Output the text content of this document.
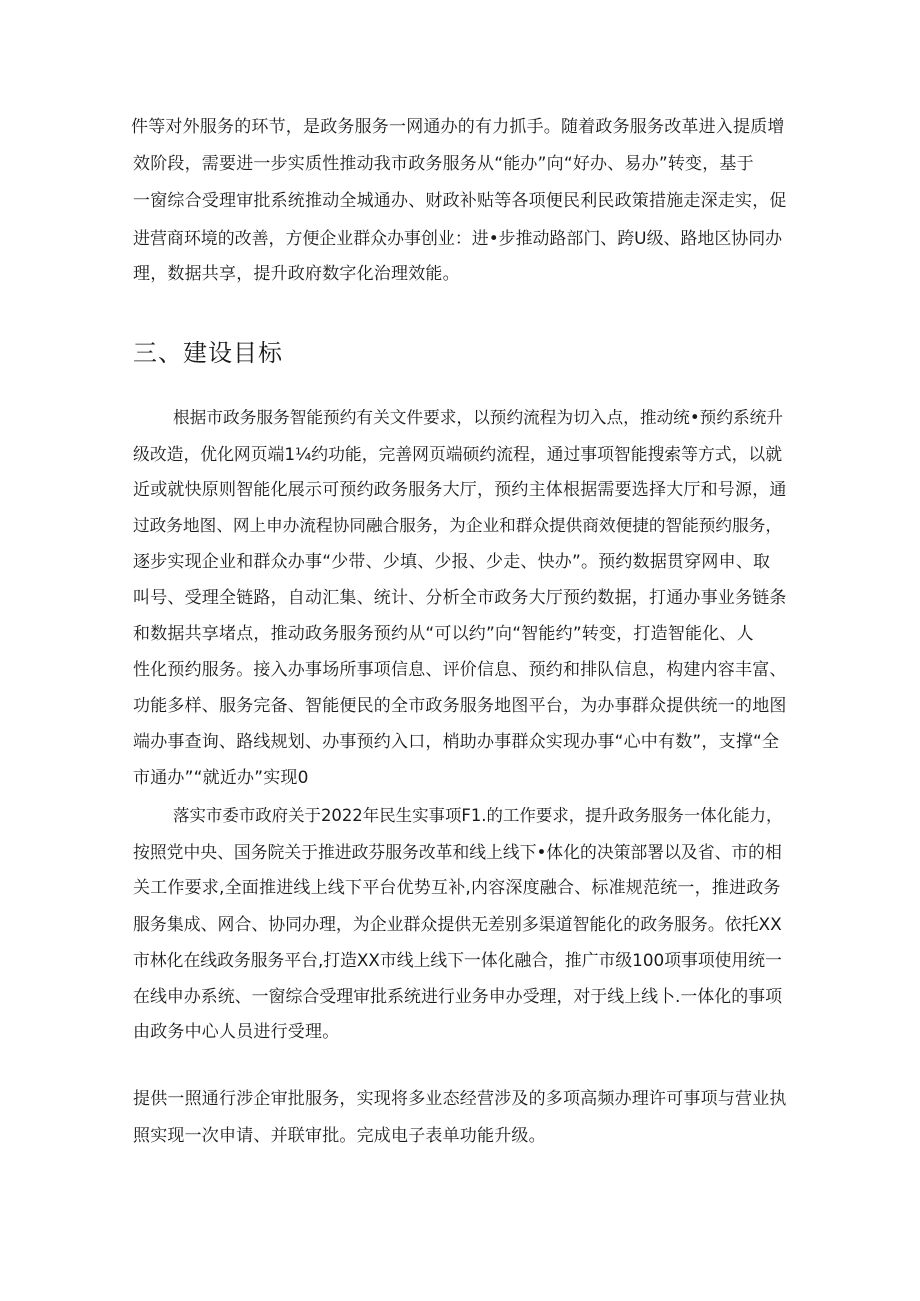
件等对外服务的环节，是政务服务一网通办的有力抓手。随着政务服务改革进入提质增

效阶段，需要进一步实质性推动我市政务服务从“能办”向“好办、易办”转变，基于

一窗综合受理审批系统推动全城通办、财政补贴等各项便民利民政策措施走深走实，促

进营商环境的改善，方便企业群众办事创业：进•步推动路部门、跨U级、路地区协同办

理，数据共享，提升政府数字化治理效能。

三、建设目标

根据市政务服务智能预约有关文件要求，以预约流程为切入点，推动统•预约系统升

级改造，优化网页端1¼约功能，完善网页端硕约流程，通过事项智能搜索等方式，以就

近或就快原则智能化展示可预约政务服务大厅，预约主体根据需要选择大厅和号源，通

过政务地图、网上申办流程协同融合服务，为企业和群众提供商效便捷的智能预约服务，

逐步实现企业和群众办事“少带、少填、少报、少走、快办”。预约数据贯穿网申、取

叫号、受理全链路，自动汇集、统计、分析全市政务大厅预约数据，打通办事业务链条

和数据共享堵点，推动政务服务预约从“可以约”向“智能约”转变，打造智能化、人

性化预约服务。接入办事场所事项信息、评价信息、预约和排队信息，构建内容丰富、

功能多样、服务完备、智能便民的全市政务服务地图平台，为办事群众提供统一的地图

端办事查询、路线规划、办事预约入口，梢助办事群众实现办事“心中有数”，支撑“全

市通办”“就近办”实现0

落实市委市政府关于2022年民生实事项F1.的工作要求，提升政务服务一体化能力，

按照党中央、国务院关于推进政芬服务改革和线上线下•体化的决策部署以及省、市的相

关工作要求,全面推进线上线下平台优势互补,内容深度融合、标准规范统一，推进政务

服务集成、网合、协同办理，为企业群众提供无差别多渠道智能化的政务服务。依托XX

市林化在线政务服务平台,打造XX市线上线下一体化融合，推广市级100项事项使用统一

在线申办系统、一窗综合受理审批系统进行业务申办受理，对于线上线卜.一体化的事项

由政务中心人员进行受理。

提供一照通行涉企审批服务，实现将多业态经营涉及的多项高频办理许可事项与营业执

照实现一次申请、并联审批。完成电子表单功能升级。
